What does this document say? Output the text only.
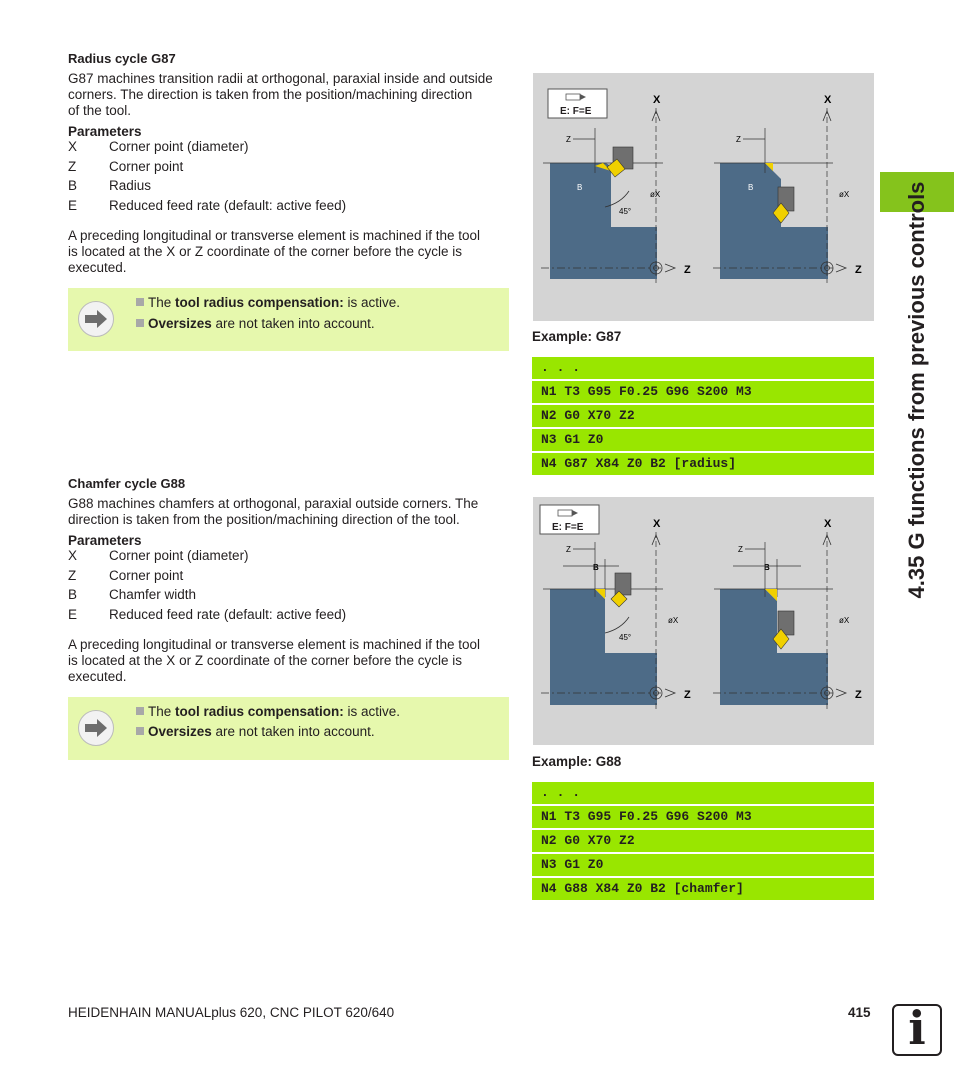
4.35 G functions from previous controls
Radius cycle G87
G87 machines transition radii at orthogonal, paraxial inside and outside
corners. The direction is taken from the position/machining direction
of the tool.
Parameters
X Corner point (diameter)
Z Corner point
B Radius
E Reduced feed rate (default: active feed)
A preceding longitudinal or transverse element is machined if the tool
is located at the X or Z coordinate of the corner before the cycle is
executed.
The tool radius compensation: is active.
Oversizes are not taken into account.
E: F=E
X
Z
øX
Z
B
45°
X
Z
øX
Z
B
Example: G87
. . .
N1 T3 G95 F0.25 G96 S200 M3
N2 G0 X70 Z2
N3 G1 Z0
N4 G87 X84 Z0 B2 [radius]
Chamfer cycle G88
G88 machines chamfers at orthogonal, paraxial outside corners. The
direction is taken from the position/machining direction of the tool.
Parameters
X Corner point (diameter)
Z Corner point
B Chamfer width
E Reduced feed rate (default: active feed)
A preceding longitudinal or transverse element is machined if the tool
is located at the X or Z coordinate of the corner before the cycle is
executed.
The tool radius compensation: is active.
Oversizes are not taken into account.
E: F=E	X
Z
øX
Z
B
45°
X
Z
øX
Z
B
Example: G88
. . .
N1 T3 G95 F0.25 G96 S200 M3
N2 G0 X70 Z2
N3 G1 Z0
N4 G88 X84 Z0 B2 [chamfer]
HEIDENHAIN MANUALplus 620, CNC PILOT 620/640	415 i
